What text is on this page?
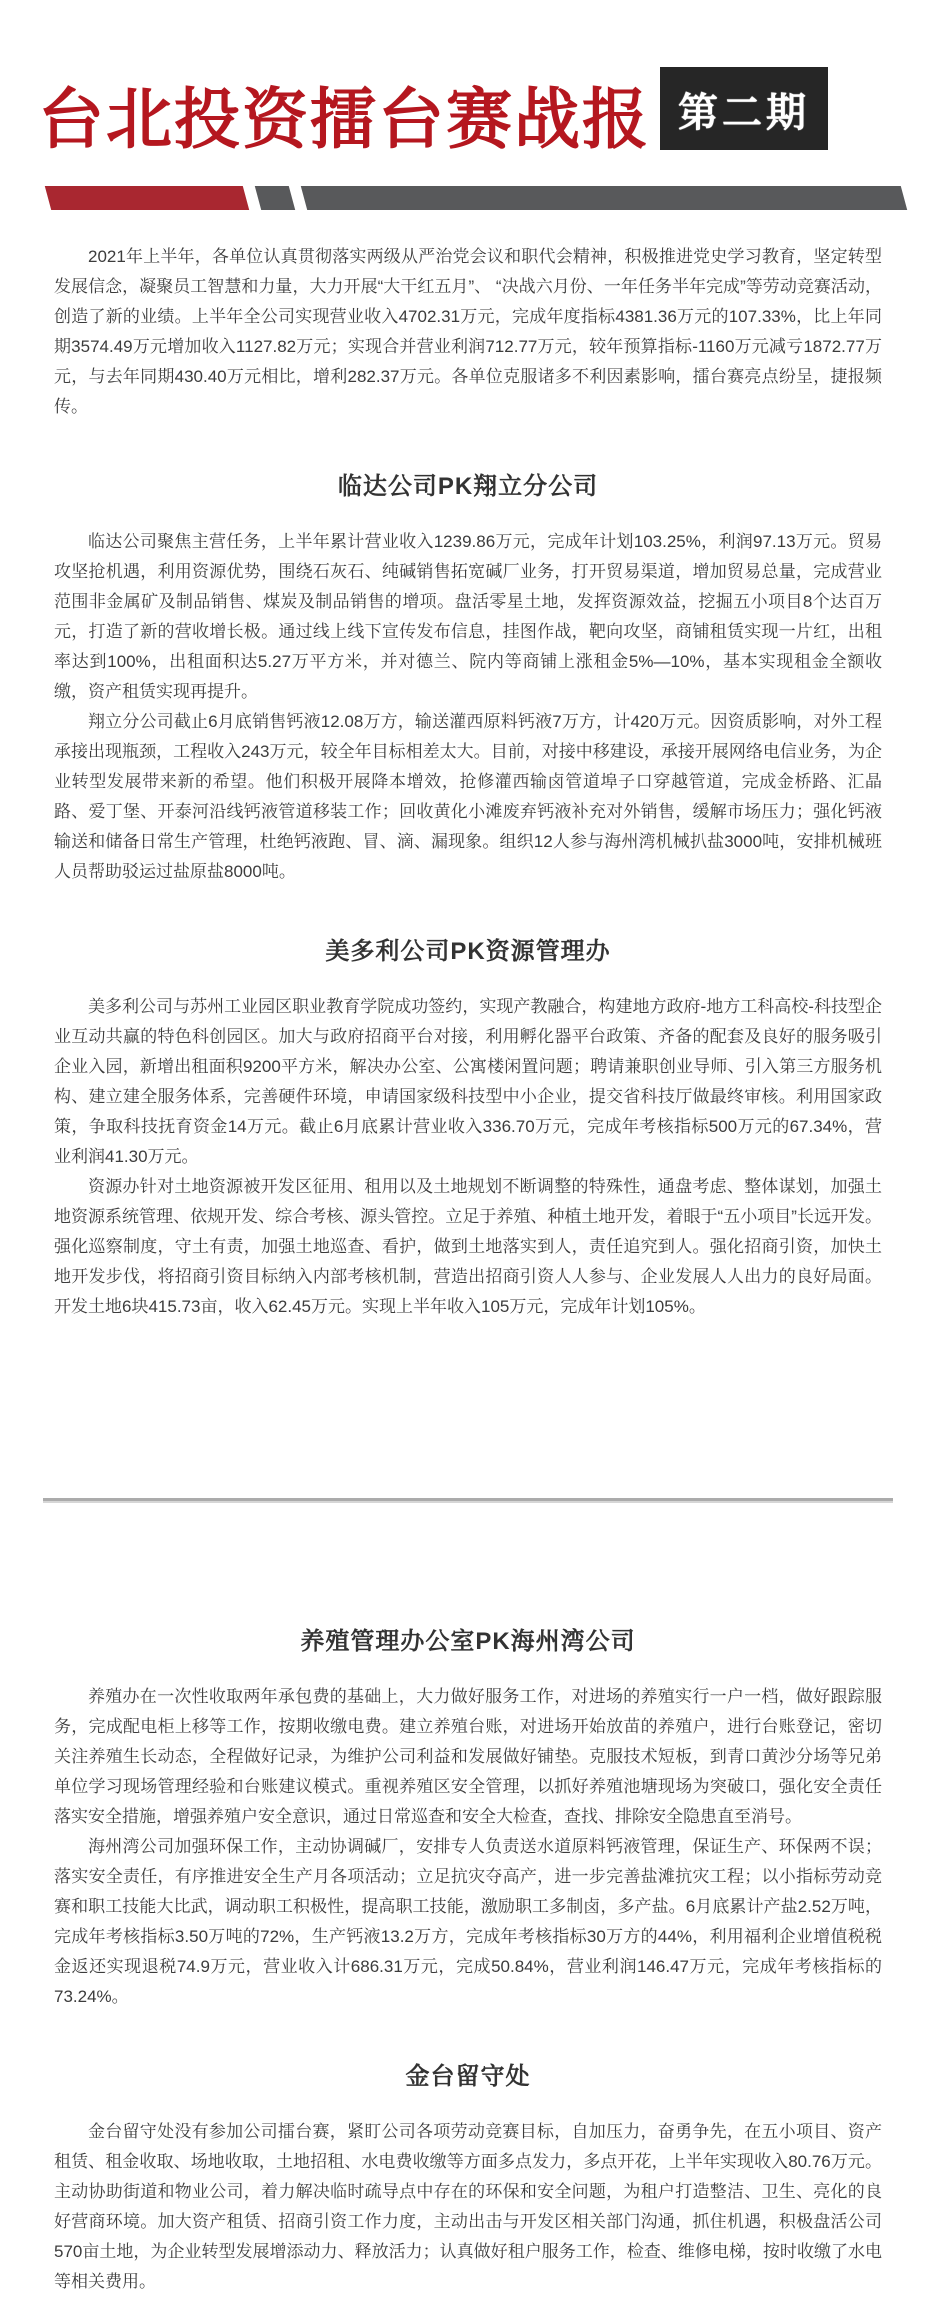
台北投资擂台赛战报 第二期

2021年上半年，各单位认真贯彻落实两级从严治党会议和职代会精神，积极推进党史学习教育，坚定转型发展信念，凝聚员工智慧和力量，大力开展“大干红五月”、 “决战六月份、一年任务半年完成”等劳动竞赛活动，创造了新的业绩。上半年全公司实现营业收入4702.31万元，完成年度指标4381.36万元的107.33%，比上年同期3574.49万元增加收入1127.82万元；实现合并营业利润712.77万元，较年预算指标-1160万元减亏1872.77万元，与去年同期430.40万元相比，增利282.37万元。各单位克服诸多不利因素影响，擂台赛亮点纷呈，捷报频传。

临达公司PK翔立分公司

临达公司聚焦主营任务，上半年累计营业收入1239.86万元，完成年计划103.25%，利润97.13万元。贸易攻坚抢机遇，利用资源优势，围绕石灰石、纯碱销售拓宽碱厂业务，打开贸易渠道，增加贸易总量，完成营业范围非金属矿及制品销售、煤炭及制品销售的增项。盘活零星土地，发挥资源效益，挖掘五小项目8个达百万元，打造了新的营收增长极。通过线上线下宣传发布信息，挂图作战，靶向攻坚，商铺租赁实现一片红，出租率达到100%，出租面积达5.27万平方米，并对德兰、院内等商铺上涨租金5%—10%，基本实现租金全额收缴，资产租赁实现再提升。

翔立分公司截止6月底销售钙液12.08万方，输送灌西原料钙液7万方，计420万元。因资质影响，对外工程承接出现瓶颈，工程收入243万元，较全年目标相差太大。目前，对接中移建设，承接开展网络电信业务，为企业转型发展带来新的希望。他们积极开展降本增效，抢修灌西输卤管道埠子口穿越管道，完成金桥路、汇晶路、爱丁堡、开泰河沿线钙液管道移装工作；回收黄化小滩废弃钙液补充对外销售，缓解市场压力；强化钙液输送和储备日常生产管理，杜绝钙液跑、冒、滴、漏现象。组织12人参与海州湾机械扒盐3000吨，安排机械班人员帮助驳运过盐原盐8000吨。

美多利公司PK资源管理办

美多利公司与苏州工业园区职业教育学院成功签约，实现产教融合，构建地方政府-地方工科高校-科技型企业互动共赢的特色科创园区。加大与政府招商平台对接，利用孵化器平台政策、齐备的配套及良好的服务吸引企业入园，新增出租面积9200平方米，解决办公室、公寓楼闲置问题；聘请兼职创业导师、引入第三方服务机构、建立建全服务体系，完善硬件环境，申请国家级科技型中小企业，提交省科技厅做最终审核。利用国家政策，争取科技抚育资金14万元。截止6月底累计营业收入336.70万元，完成年考核指标500万元的67.34%，营业利润41.30万元。

资源办针对土地资源被开发区征用、租用以及土地规划不断调整的特殊性，通盘考虑、整体谋划，加强土地资源系统管理、依规开发、综合考核、源头管控。立足于养殖、种植土地开发，着眼于“五小项目”长远开发。强化巡察制度，守土有责，加强土地巡查、看护，做到土地落实到人，责任追究到人。强化招商引资，加快土地开发步伐，将招商引资目标纳入内部考核机制，营造出招商引资人人参与、企业发展人人出力的良好局面。开发土地6块415.73亩，收入62.45万元。实现上半年收入105万元，完成年计划105%。

养殖管理办公室PK海州湾公司

养殖办在一次性收取两年承包费的基础上，大力做好服务工作，对进场的养殖实行一户一档，做好跟踪服务，完成配电柜上移等工作，按期收缴电费。建立养殖台账，对进场开始放苗的养殖户，进行台账登记，密切关注养殖生长动态，全程做好记录，为维护公司利益和发展做好铺垫。克服技术短板，到青口黄沙分场等兄弟单位学习现场管理经验和台账建议模式。重视养殖区安全管理，以抓好养殖池塘现场为突破口，强化安全责任落实安全措施，增强养殖户安全意识，通过日常巡查和安全大检查，查找、排除安全隐患直至消号。

海州湾公司加强环保工作，主动协调碱厂，安排专人负责送水道原料钙液管理，保证生产、环保两不误；落实安全责任，有序推进安全生产月各项活动；立足抗灾夺高产，进一步完善盐滩抗灾工程；以小指标劳动竞赛和职工技能大比武，调动职工积极性，提高职工技能，激励职工多制卤，多产盐。6月底累计产盐2.52万吨，完成年考核指标3.50万吨的72%，生产钙液13.2万方，完成年考核指标30万方的44%，利用福利企业增值税税金返还实现退税74.9万元，营业收入计686.31万元，完成50.84%，营业利润146.47万元，完成年考核指标的73.24%。

金台留守处

金台留守处没有参加公司擂台赛，紧盯公司各项劳动竞赛目标，自加压力，奋勇争先，在五小项目、资产租赁、租金收取、场地收取，土地招租、水电费收缴等方面多点发力，多点开花，上半年实现收入80.76万元。主动协助街道和物业公司，着力解决临时疏导点中存在的环保和安全问题，为租户打造整洁、卫生、亮化的良好营商环境。加大资产租赁、招商引资工作力度，主动出击与开发区相关部门沟通，抓住机遇，积极盘活公司570亩土地，为企业转型发展增添动力、释放活力；认真做好租户服务工作，检查、维修电梯，按时收缴了水电等相关费用。
